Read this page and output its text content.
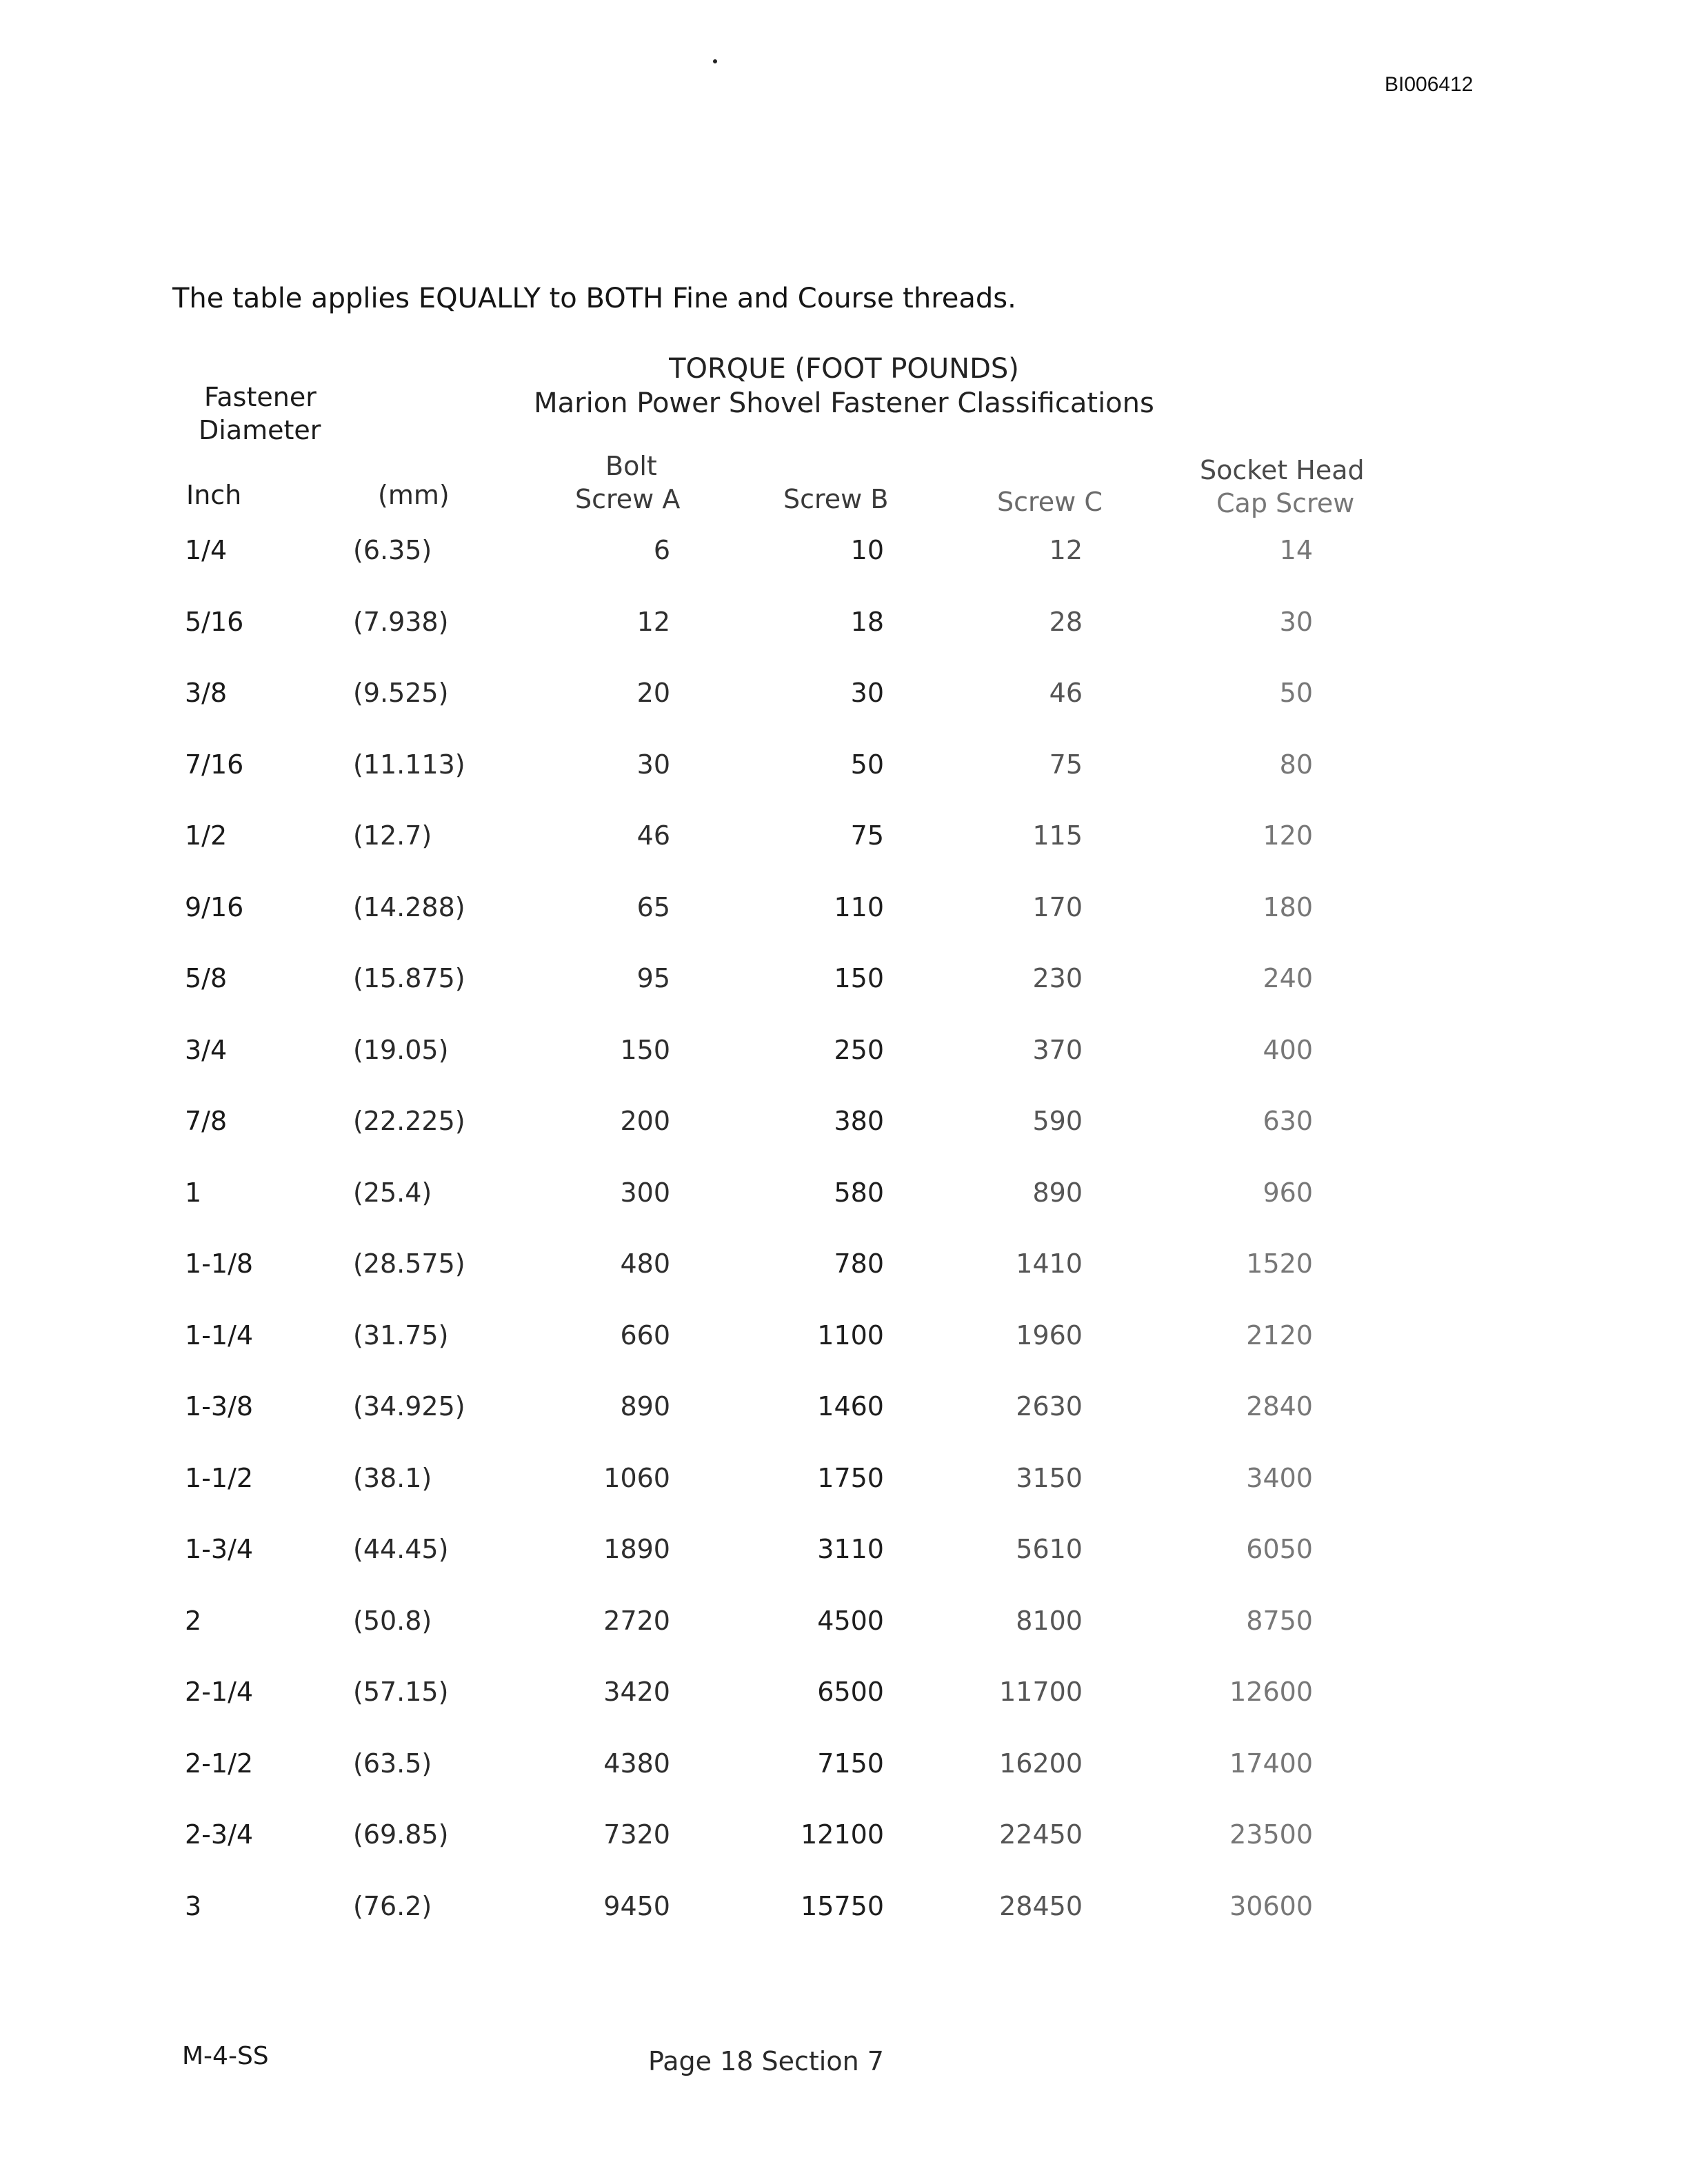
BI006412
The table applies EQUALLY to BOTH Fine and Course threads.
TORQUE (FOOT POUNDS)
Marion Power Shovel Fastener Classifications
Fastener
Diameter
Inch	(mm)
Bolt
Screw A	Screw B	Screw C
Socket Head
Cap Screw
1/4	(6.35)	6	10	12	14
5/16	(7.938)	12	18	28	30
3/8	(9.525)	20	30	46	50
7/16	(11.113)	30	50	75	80
1/2	(12.7)	46	75	115	120
9/16	(14.288)	65	110	170	180
5/8	(15.875)	95	150	230	240
3/4	(19.05)	150	250	370	400
7/8	(22.225)	200	380	590	630
1	(25.4)	300	580	890	960
1-1/8	(28.575)	480	780	1410	1520
1-1/4	(31.75)	660	1100	1960	2120
1-3/8	(34.925)	890	1460	2630	2840
1-1/2	(38.1)	1060	1750	3150	3400
1-3/4	(44.45)	1890	3110	5610	6050
2	(50.8)	2720	4500	8100	8750
2-1/4	(57.15)	3420	6500	11700	12600
2-1/2	(63.5)	4380	7150	16200	17400
2-3/4	(69.85)	7320	12100	22450	23500
3	(76.2)	9450	15750	28450	30600
M-4-SS	Page 18 Section 7
